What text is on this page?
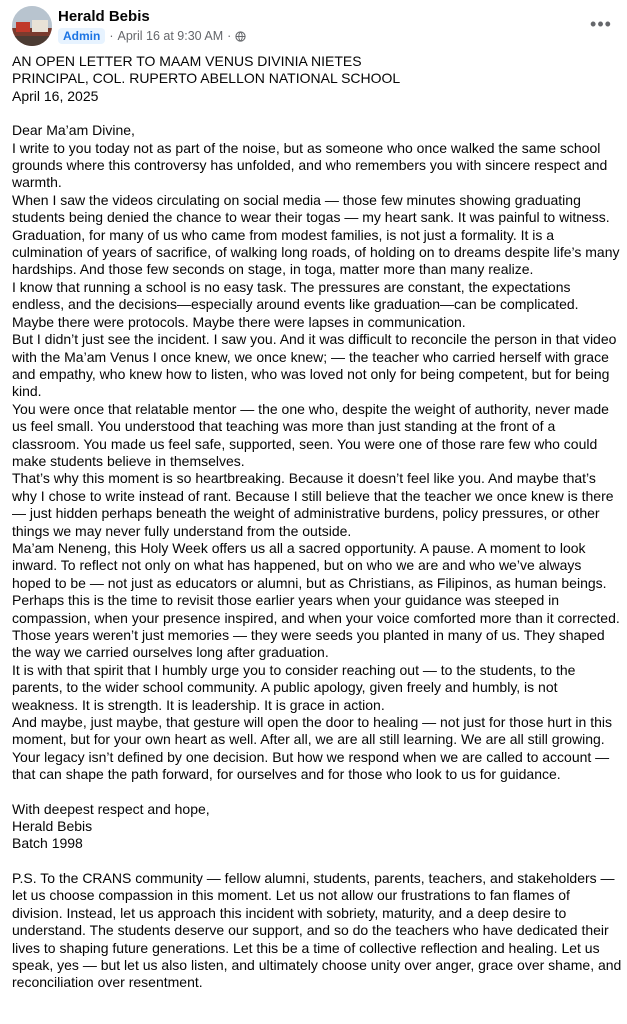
Herald Bebis
Admin · April 16 at 9:30 AM ·
•••

AN OPEN LETTER TO MAAM VENUS DIVINIA NIETES
PRINCIPAL, COL. RUPERTO ABELLON NATIONAL SCHOOL
April 16, 2025

Dear Ma’am Divine,

I write to you today not as part of the noise, but as someone who once walked the same school grounds where this controversy has unfolded, and who remembers you with sincere respect and warmth.

When I saw the videos circulating on social media — those few minutes showing graduating students being denied the chance to wear their togas — my heart sank. It was painful to witness. Graduation, for many of us who came from modest families, is not just a formality. It is a culmination of years of sacrifice, of walking long roads, of holding on to dreams despite life’s many hardships. And those few seconds on stage, in toga, matter more than many realize.

I know that running a school is no easy task. The pressures are constant, the expectations endless, and the decisions—especially around events like graduation—can be complicated. Maybe there were protocols. Maybe there were lapses in communication.

But I didn’t just see the incident. I saw you. And it was difficult to reconcile the person in that video with the Ma’am Venus I once knew, we once knew; — the teacher who carried herself with grace and empathy, who knew how to listen, who was loved not only for being competent, but for being kind.

You were once that relatable mentor — the one who, despite the weight of authority, never made us feel small. You understood that teaching was more than just standing at the front of a classroom. You made us feel safe, supported, seen. You were one of those rare few who could make students believe in themselves.

That’s why this moment is so heartbreaking. Because it doesn’t feel like you. And maybe that’s why I chose to write instead of rant. Because I still believe that the teacher we once knew is there — just hidden perhaps beneath the weight of administrative burdens, policy pressures, or other things we may never fully understand from the outside.

Ma’am Neneng, this Holy Week offers us all a sacred opportunity. A pause. A moment to look inward. To reflect not only on what has happened, but on who we are and who we’ve always hoped to be — not just as educators or alumni, but as Christians, as Filipinos, as human beings.

Perhaps this is the time to revisit those earlier years when your guidance was steeped in compassion, when your presence inspired, and when your voice comforted more than it corrected. Those years weren’t just memories — they were seeds you planted in many of us. They shaped the way we carried ourselves long after graduation.

It is with that spirit that I humbly urge you to consider reaching out — to the students, to the parents, to the wider school community. A public apology, given freely and humbly, is not weakness. It is strength. It is leadership. It is grace in action.

And maybe, just maybe, that gesture will open the door to healing — not just for those hurt in this moment, but for your own heart as well. After all, we are all still learning. We are all still growing. Your legacy isn’t defined by one decision. But how we respond when we are called to account — that can shape the path forward, for ourselves and for those who look to us for guidance.

With deepest respect and hope,
Herald Bebis
Batch 1998

P.S. To the CRANS community — fellow alumni, students, parents, teachers, and stakeholders — let us choose compassion in this moment. Let us not allow our frustrations to fan flames of division. Instead, let us approach this incident with sobriety, maturity, and a deep desire to understand. The students deserve our support, and so do the teachers who have dedicated their lives to shaping future generations. Let this be a time of collective reflection and healing. Let us speak, yes — but let us also listen, and ultimately choose unity over anger, grace over shame, and reconciliation over resentment.
